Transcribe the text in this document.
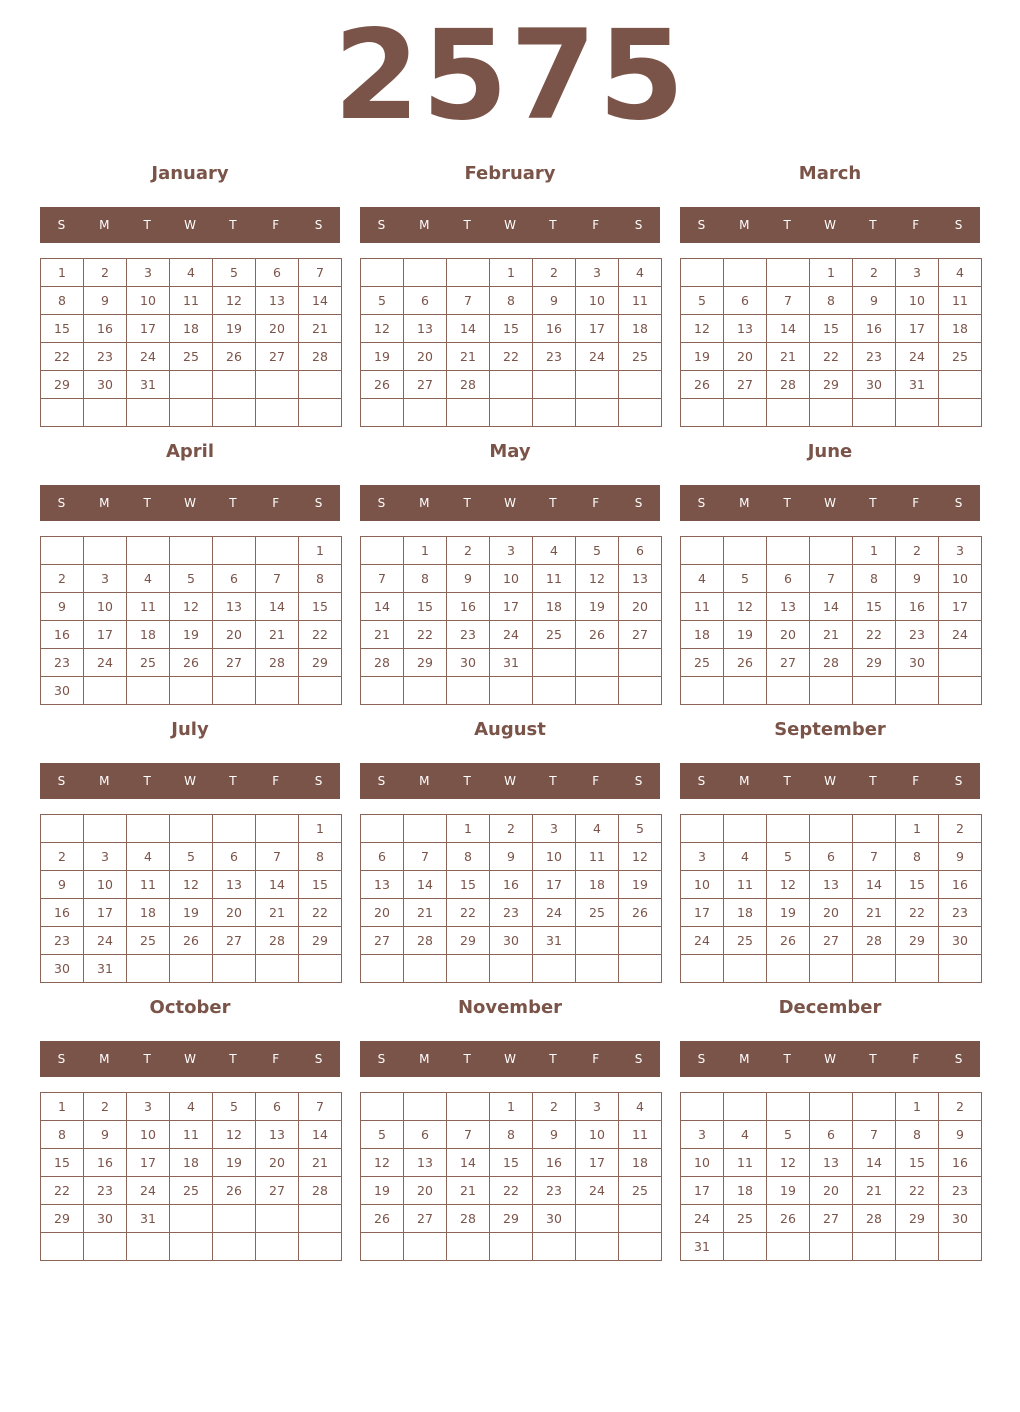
2575
January
S	M	T	W	T	F	S
1	2	3	4	5	6	7
8	9	10	11	12	13	14
15	16	17	18	19	20	21
22	23	24	25	26	27	28
29	30	31				

February
S	M	T	W	T	F	S
			1	2	3	4
5	6	7	8	9	10	11
12	13	14	15	16	17	18
19	20	21	22	23	24	25
26	27	28				

March
S	M	T	W	T	F	S
			1	2	3	4
5	6	7	8	9	10	11
12	13	14	15	16	17	18
19	20	21	22	23	24	25
26	27	28	29	30	31	

April
S	M	T	W	T	F	S
						1
2	3	4	5	6	7	8
9	10	11	12	13	14	15
16	17	18	19	20	21	22
23	24	25	26	27	28	29
30						
May
S	M	T	W	T	F	S
	1	2	3	4	5	6
7	8	9	10	11	12	13
14	15	16	17	18	19	20
21	22	23	24	25	26	27
28	29	30	31			

June
S	M	T	W	T	F	S
				1	2	3
4	5	6	7	8	9	10
11	12	13	14	15	16	17
18	19	20	21	22	23	24
25	26	27	28	29	30	

July
S	M	T	W	T	F	S
						1
2	3	4	5	6	7	8
9	10	11	12	13	14	15
16	17	18	19	20	21	22
23	24	25	26	27	28	29
30	31					
August
S	M	T	W	T	F	S
		1	2	3	4	5
6	7	8	9	10	11	12
13	14	15	16	17	18	19
20	21	22	23	24	25	26
27	28	29	30	31		

September
S	M	T	W	T	F	S
					1	2
3	4	5	6	7	8	9
10	11	12	13	14	15	16
17	18	19	20	21	22	23
24	25	26	27	28	29	30

October
S	M	T	W	T	F	S
1	2	3	4	5	6	7
8	9	10	11	12	13	14
15	16	17	18	19	20	21
22	23	24	25	26	27	28
29	30	31				

November
S	M	T	W	T	F	S
			1	2	3	4
5	6	7	8	9	10	11
12	13	14	15	16	17	18
19	20	21	22	23	24	25
26	27	28	29	30		

December
S	M	T	W	T	F	S
					1	2
3	4	5	6	7	8	9
10	11	12	13	14	15	16
17	18	19	20	21	22	23
24	25	26	27	28	29	30
31						
